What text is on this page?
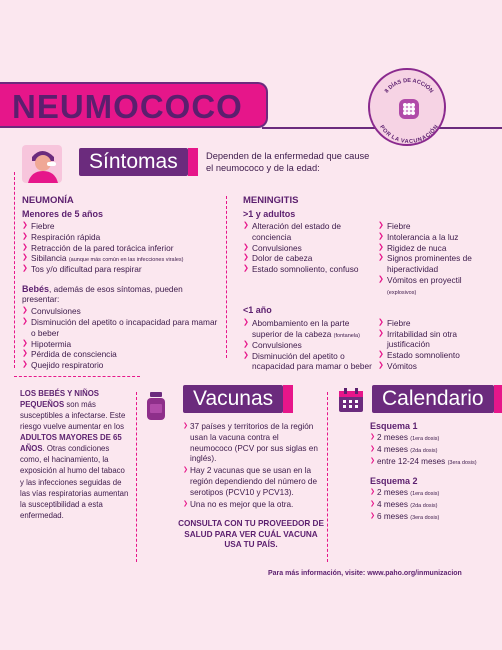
NEUMOCOCO	8 DÍAS DE ACCIÓN
POR LA VACUNACIÓN
Síntomas	Dependen de la enfermedad que cause el neumococo y de la edad:
NEUMONÍA
Menores de 5 años
❯ Fiebre
❯ Respiración rápida
❯ Retracción de la pared torácica inferior
❯ Sibilancia (aunque más común en las infecciones virales)
❯ Tos y/o dificultad para respirar
Bebés, además de esos síntomas, pueden presentar:
❯ Convulsiones
❯ Disminución del apetito o incapacidad para mamar o beber
❯ Hipotermia
❯ Pérdida de consciencia
❯ Quejido respiratorio
MENINGITIS
>1 y adultos
❯ Alteración del estado de conciencia
❯ Convulsiones
❯ Dolor de cabeza
❯ Estado somnoliento, confuso
❯ Fiebre
❯ Intolerancia a la luz
❯ Rigidez de nuca
❯ Signos prominentes de hiperactividad
❯ Vómitos en proyectil (explosivos)
<1 año
❯ Abombamiento en la parte superior de la cabeza (fontanela)
❯ Convulsiones
❯ Disminución del apetito o ncapacidad para mamar o beber
❯ Fiebre
❯ Irritabilidad sin otra justificación
❯ Estado somnoliento
❯ Vómitos
LOS BEBÉS Y NIÑOS PEQUEÑOS son más susceptibles a infectarse. Este riesgo vuelve aumentar en los ADULTOS MAYORES DE 65 AÑOS. Otras condiciones como, el hacinamiento, la exposición al humo del tabaco y las infecciones seguidas de las vías respiratorias aumentan la susceptibilidad a esta enfermedad.
Vacunas
❯ 37 países y territorios de la región usan la vacuna contra el neumococo (PCV por sus siglas en inglés).
❯ Hay 2 vacunas que se usan en la región dependiendo del número de serotipos (PCV10 y PCV13).
❯ Una no es mejor que la otra.
CONSULTA CON TU PROVEEDOR DE SALUD PARA VER CUÁL VACUNA USA TU PAÍS.
Calendario
Esquema 1
❯ 2 meses (1era dosis)
❯ 4 meses (2da dosis)
❯ entre 12-24 meses (3era dosis)
Esquema 2
❯ 2 meses (1era dosis)
❯ 4 meses (2da dosis)
❯ 6 meses (3era dosis)
Para más información, visite: www.paho.org/inmunizacion
